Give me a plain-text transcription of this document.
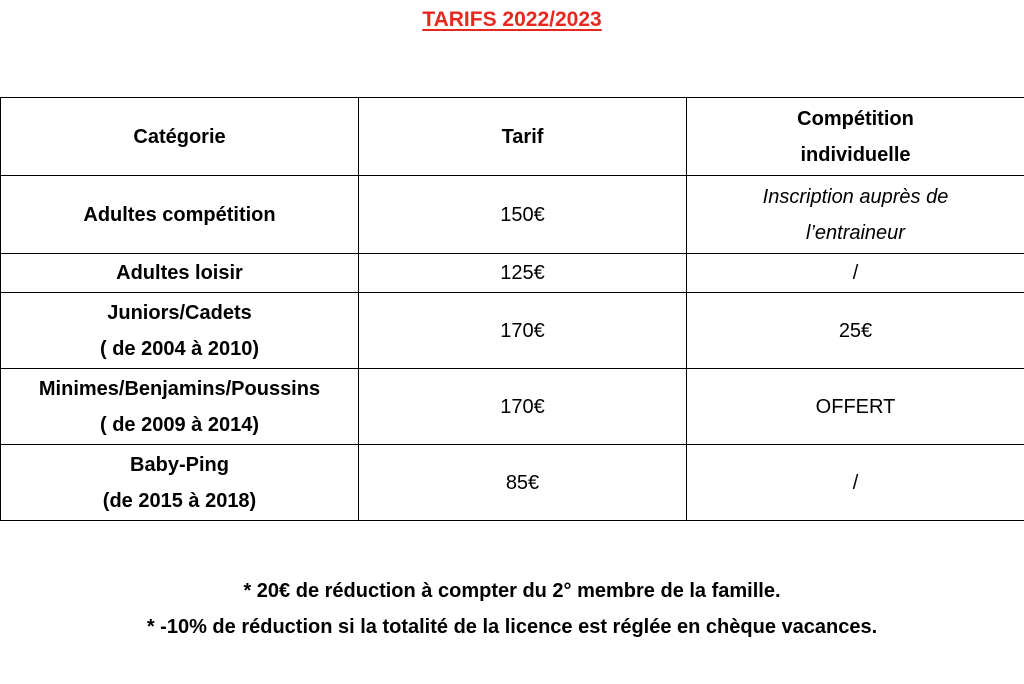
TARIFS 2022/2023
Catégorie	Tarif	Compétition
individuelle

Adultes compétition	150€	Inscription auprès de
l’entraineur

Adultes loisir	125€	/

Juniors/Cadets
( de 2004 à 2010)	170€	25€

Minimes/Benjamins/Poussins
( de 2009 à 2014)	170€	OFFERT

Baby-Ping
(de 2015 à 2018)	85€	/
* 20€ de réduction à compter du 2° membre de la famille.
* -10% de réduction si la totalité de la licence est réglée en chèque vacances.
